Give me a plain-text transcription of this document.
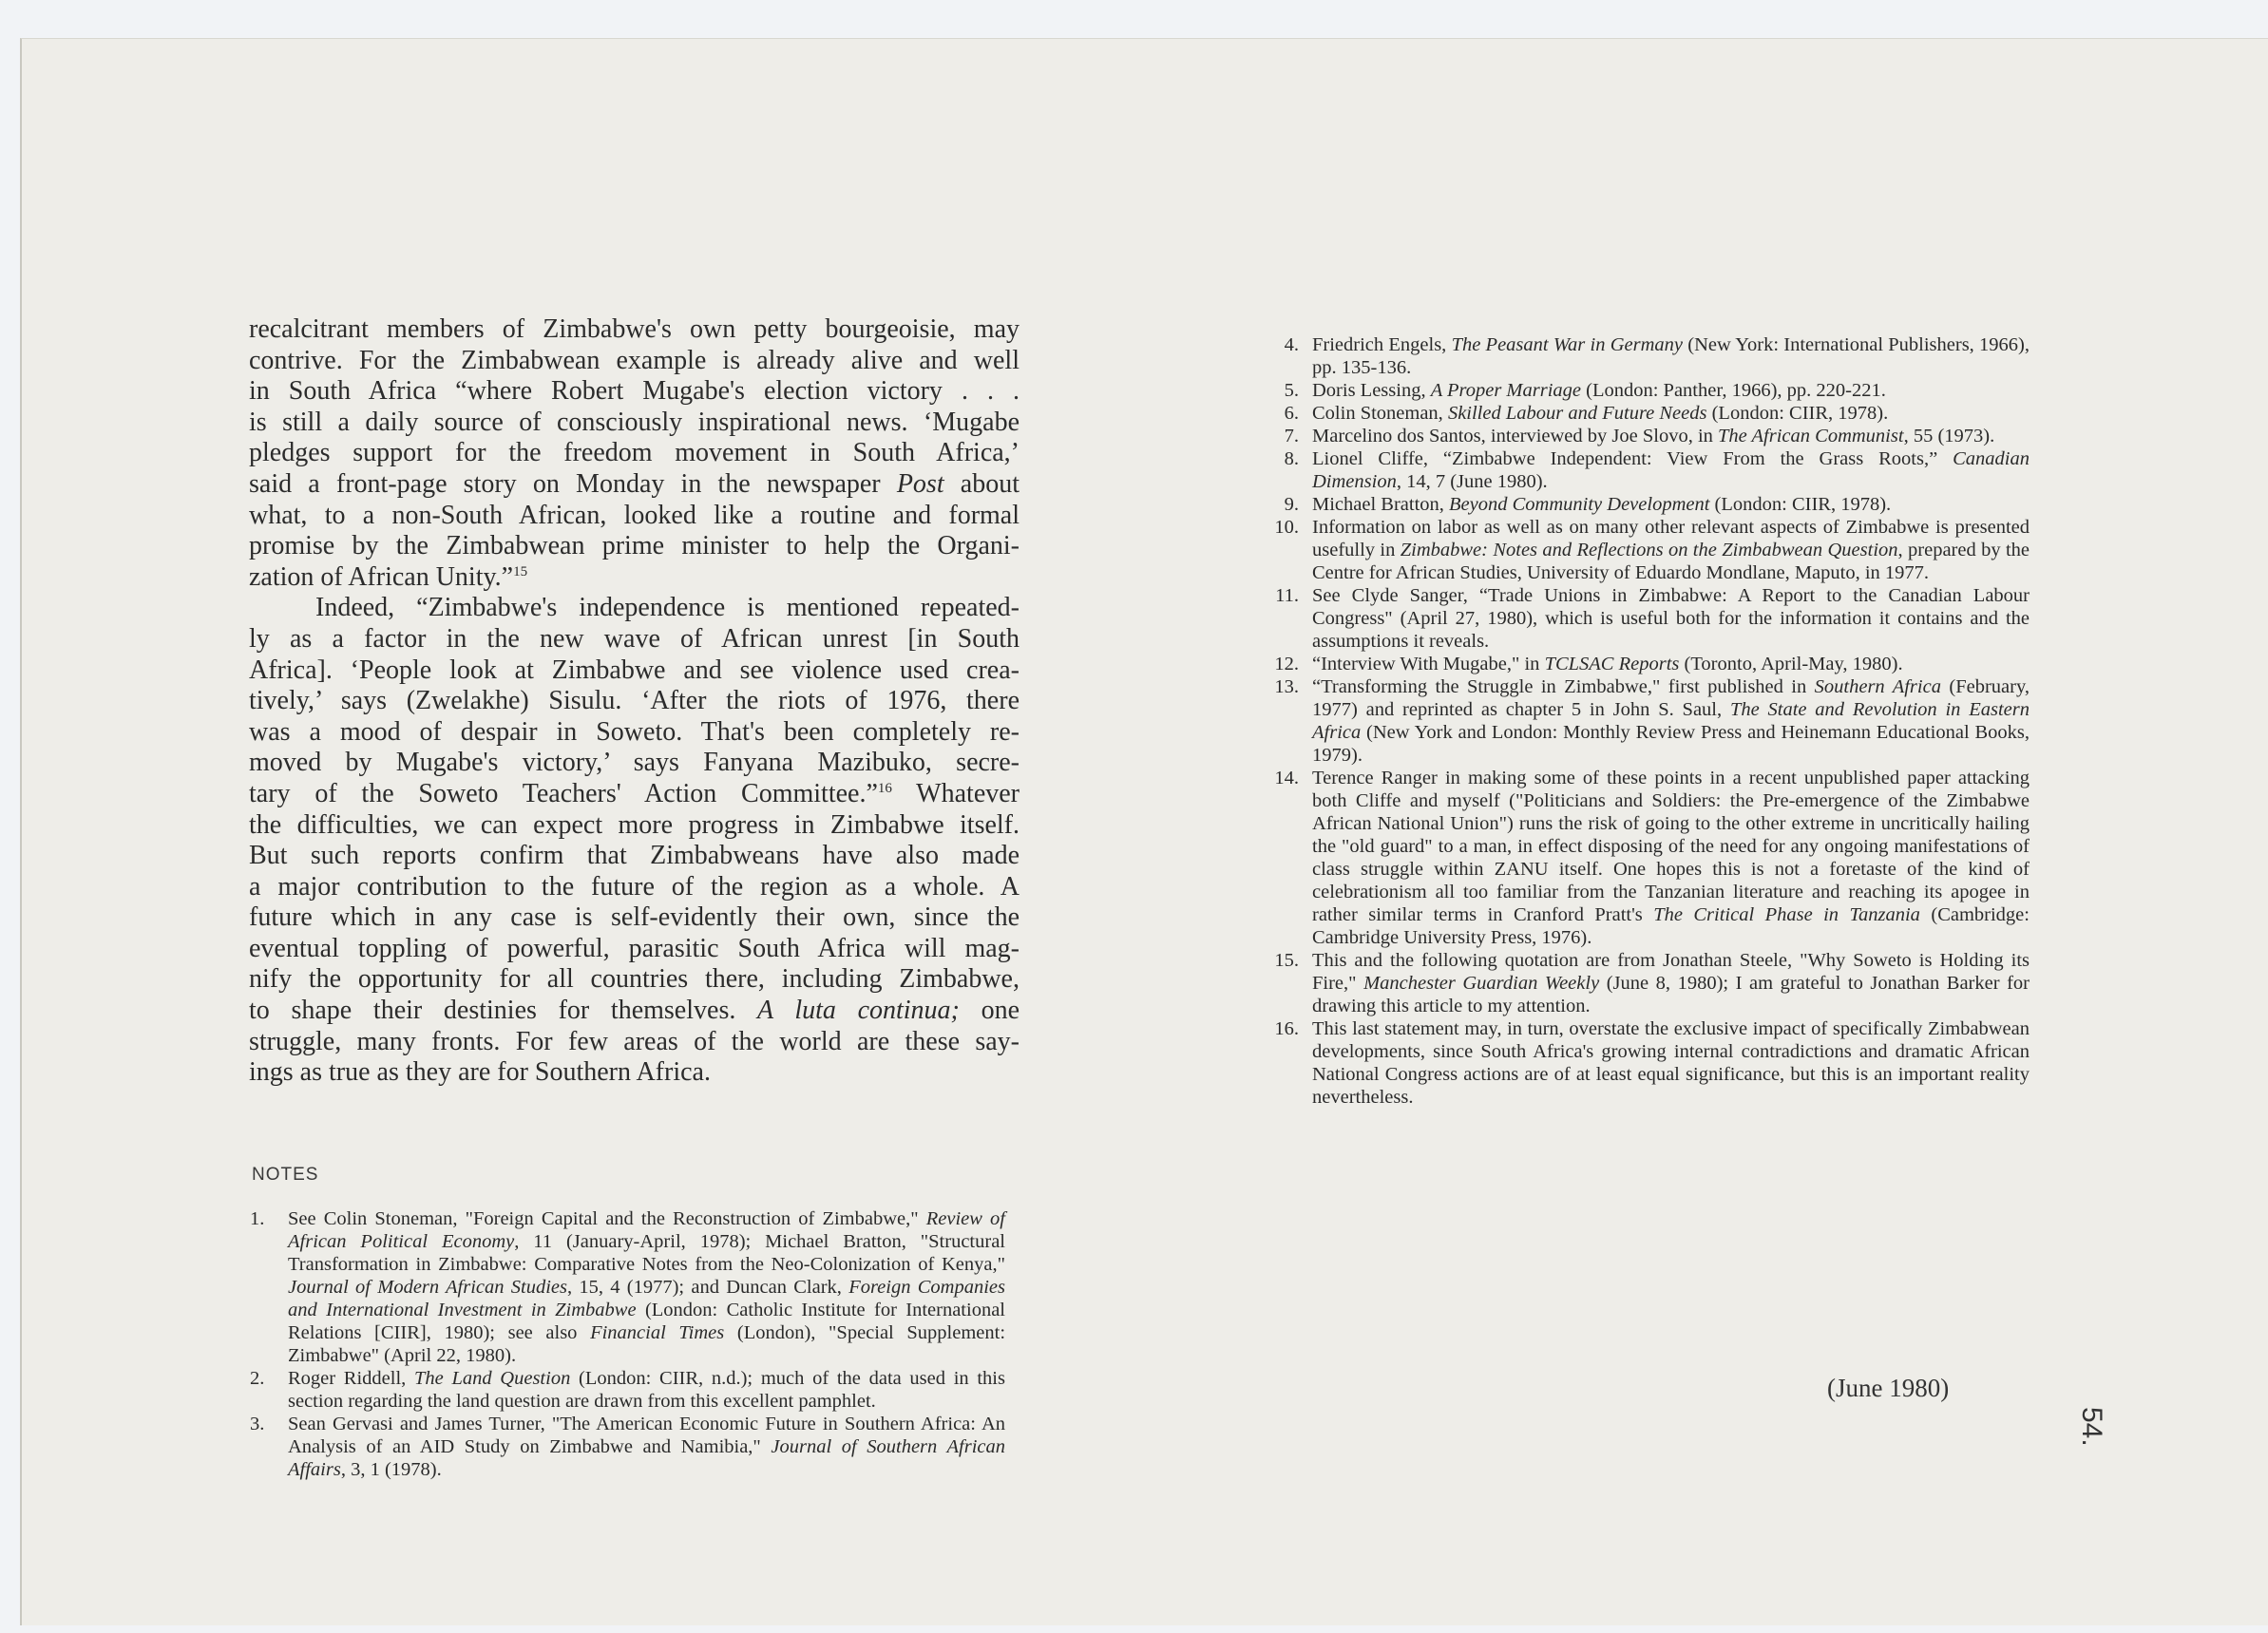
recalcitrant members of Zimbabwe's own petty bourgeoisie, may
contrive. For the Zimbabwean example is already alive and well
in South Africa “where Robert Mugabe's election victory . . .
is still a daily source of consciously inspirational news. ‘Mugabe
pledges support for the freedom movement in South Africa,’
said a front-page story on Monday in the newspaper Post about
what, to a non-South African, looked like a routine and formal
promise by the Zimbabwean prime minister to help the Organi-
zation of African Unity.”$^{15}$
Indeed, “Zimbabwe's independence is mentioned repeated-
ly as a factor in the new wave of African unrest [in South
Africa]. ‘People look at Zimbabwe and see violence used crea-
tively,’ says (Zwelakhe) Sisulu. ‘After the riots of 1976, there
was a mood of despair in Soweto. That's been completely re-
moved by Mugabe's victory,’ says Fanyana Mazibuko, secre-
tary of the Soweto Teachers' Action Committee.”$^{16}$ Whatever
the difficulties, we can expect more progress in Zimbabwe itself.
But such reports confirm that Zimbabweans have also made
a major contribution to the future of the region as a whole. A
future which in any case is self-evidently their own, since the
eventual toppling of powerful, parasitic South Africa will mag-
nify the opportunity for all countries there, including Zimbabwe,
to shape their destinies for themselves. A luta continua; one
struggle, many fronts. For few areas of the world are these say-
ings as true as they are for Southern Africa.
NOTES
1. See Colin Stoneman, "Foreign Capital and the Reconstruction of Zimbabwe," Review of African Political Economy, 11 (January-April, 1978); Michael Bratton, "Structural Transformation in Zimbabwe: Comparative Notes from the Neo-Colonization of Kenya," Journal of Modern African Studies, 15, 4 (1977); and Duncan Clark, Foreign Companies and International Investment in Zimbabwe (London: Catholic Institute for International Relations [CIIR], 1980); see also Financial Times (London), "Special Supplement: Zimbabwe" (April 22, 1980).
2. Roger Riddell, The Land Question (London: CIIR, n.d.); much of the data used in this section regarding the land question are drawn from this excellent pamphlet.
3. Sean Gervasi and James Turner, "The American Economic Future in Southern Africa: An Analysis of an AID Study on Zimbabwe and Namibia," Journal of Southern African Affairs, 3, 1 (1978).
4. Friedrich Engels, The Peasant War in Germany (New York: International Publishers, 1966), pp. 135-136.
5. Doris Lessing, A Proper Marriage (London: Panther, 1966), pp. 220-221.
6. Colin Stoneman, Skilled Labour and Future Needs (London: CIIR, 1978).
7. Marcelino dos Santos, interviewed by Joe Slovo, in The African Communist, 55 (1973).
8. Lionel Cliffe, “Zimbabwe Independent: View From the Grass Roots,” Canadian Dimension, 14, 7 (June 1980).
9. Michael Bratton, Beyond Community Development (London: CIIR, 1978).
10. Information on labor as well as on many other relevant aspects of Zimbabwe is presented usefully in Zimbabwe: Notes and Reflections on the Zimbabwean Question, prepared by the Centre for African Studies, University of Eduardo Mondlane, Maputo, in 1977.
11. See Clyde Sanger, “Trade Unions in Zimbabwe: A Report to the Canadian Labour Congress" (April 27, 1980), which is useful both for the information it contains and the assumptions it reveals.
12. “Interview With Mugabe," in TCLSAC Reports (Toronto, April-May, 1980).
13. “Transforming the Struggle in Zimbabwe," first published in Southern Africa (February, 1977) and reprinted as chapter 5 in John S. Saul, The State and Revolution in Eastern Africa (New York and London: Monthly Review Press and Heinemann Educational Books, 1979).
14. Terence Ranger in making some of these points in a recent unpublished paper attacking both Cliffe and myself ("Politicians and Soldiers: the Pre-emergence of the Zimbabwe African National Union") runs the risk of going to the other extreme in uncritically hailing the "old guard" to a man, in effect disposing of the need for any ongoing manifestations of class struggle within ZANU itself. One hopes this is not a foretaste of the kind of celebrationism all too familiar from the Tanzanian literature and reaching its apogee in rather similar terms in Cranford Pratt's The Critical Phase in Tanzania (Cambridge: Cambridge University Press, 1976).
15. This and the following quotation are from Jonathan Steele, "Why Soweto is Holding its Fire," Manchester Guardian Weekly (June 8, 1980); I am grateful to Jonathan Barker for drawing this article to my attention.
16. This last statement may, in turn, overstate the exclusive impact of specifically Zimbabwean developments, since South Africa's growing internal contradictions and dramatic African National Congress actions are of at least equal significance, but this is an important reality nevertheless.
(June 1980)
54.
